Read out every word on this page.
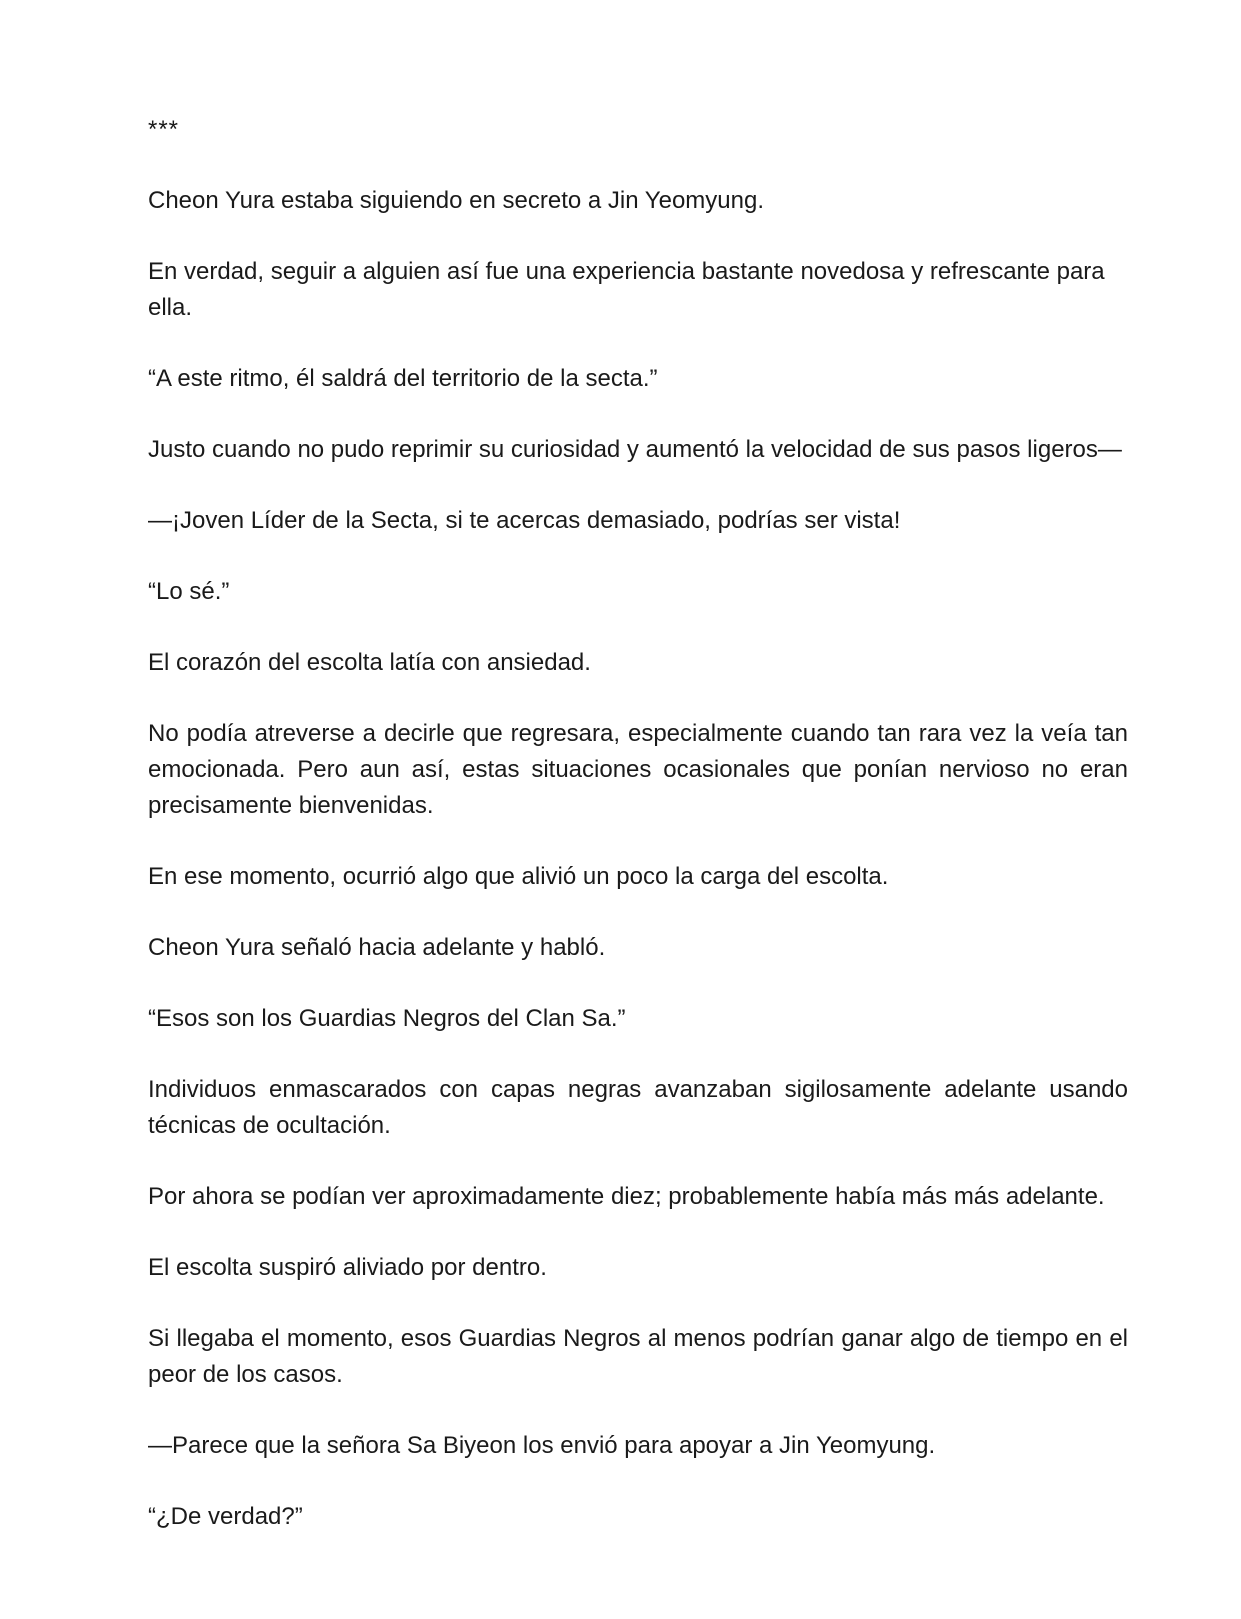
***

Cheon Yura estaba siguiendo en secreto a Jin Yeomyung.

En verdad, seguir a alguien así fue una experiencia bastante novedosa y refrescante para ella.

“A este ritmo, él saldrá del territorio de la secta.”

Justo cuando no pudo reprimir su curiosidad y aumentó la velocidad de sus pasos ligeros—

—¡Joven Líder de la Secta, si te acercas demasiado, podrías ser vista!

“Lo sé.”

El corazón del escolta latía con ansiedad.

No podía atreverse a decirle que regresara, especialmente cuando tan rara vez la veía tan emocionada. Pero aun así, estas situaciones ocasionales que ponían nervioso no eran precisamente bienvenidas.

En ese momento, ocurrió algo que alivió un poco la carga del escolta.

Cheon Yura señaló hacia adelante y habló.

“Esos son los Guardias Negros del Clan Sa.”

Individuos enmascarados con capas negras avanzaban sigilosamente adelante usando técnicas de ocultación.

Por ahora se podían ver aproximadamente diez; probablemente había más más adelante.

El escolta suspiró aliviado por dentro.

Si llegaba el momento, esos Guardias Negros al menos podrían ganar algo de tiempo en el peor de los casos.

—Parece que la señora Sa Biyeon los envió para apoyar a Jin Yeomyung.

“¿De verdad?”
